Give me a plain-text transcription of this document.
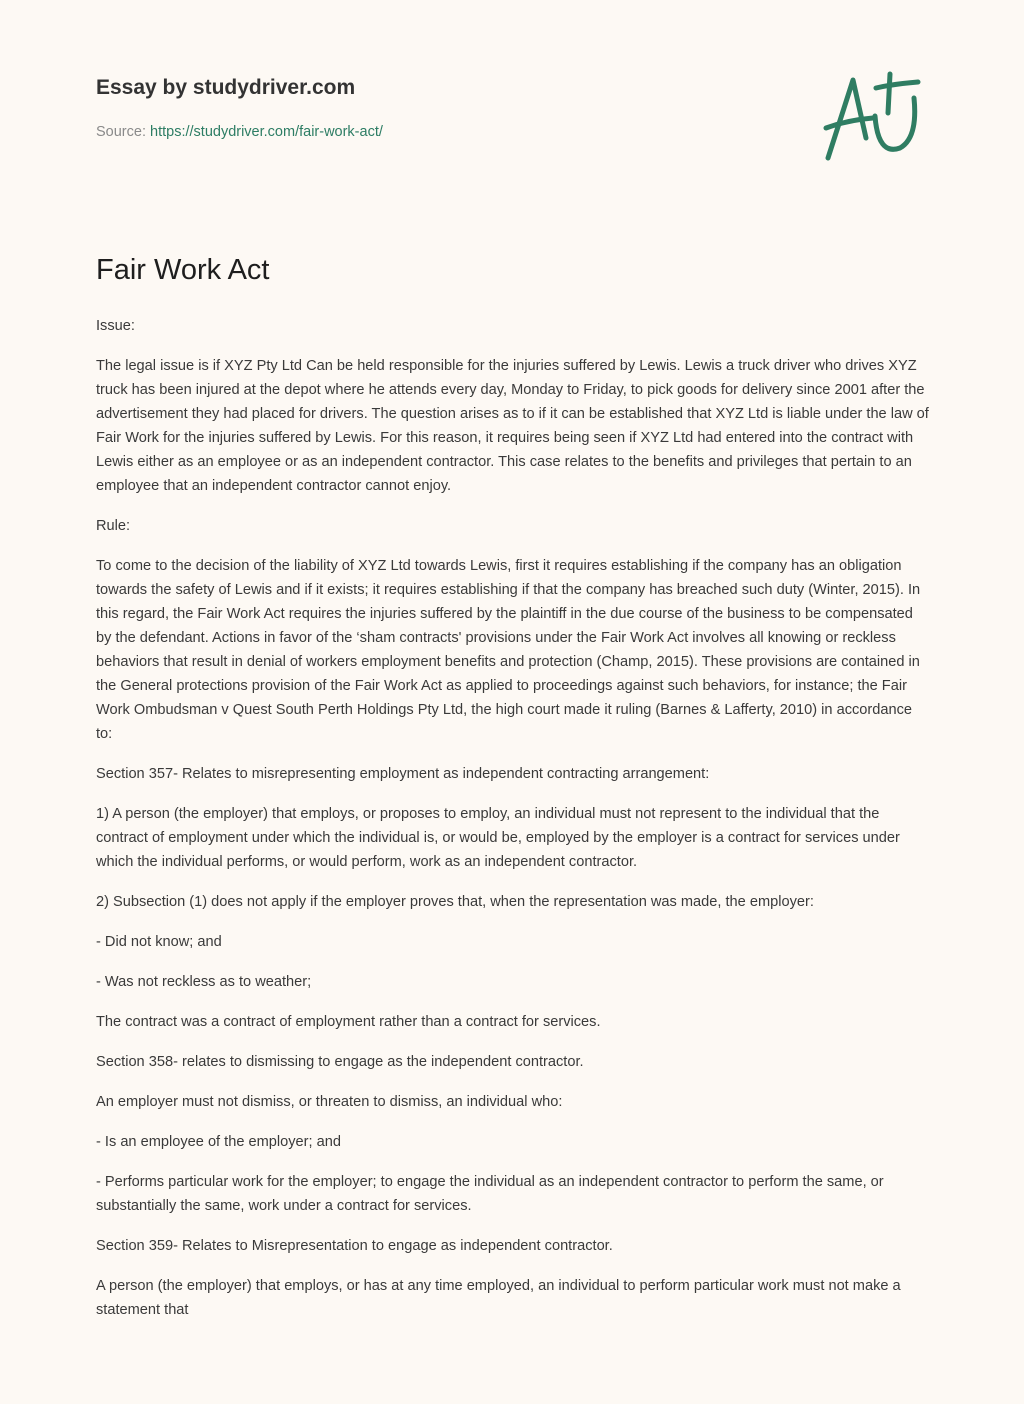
Essay by studydriver.com
Source: https://studydriver.com/fair-work-act/
Fair Work Act

Issue:

The legal issue is if XYZ Pty Ltd Can be held responsible for the injuries suffered by Lewis. Lewis a truck driver who drives XYZ truck has been injured at the depot where he attends every day, Monday to Friday, to pick goods for delivery since 2001 after the advertisement they had placed for drivers. The question arises as to if it can be established that XYZ Ltd is liable under the law of Fair Work for the injuries suffered by Lewis. For this reason, it requires being seen if XYZ Ltd had entered into the contract with Lewis either as an employee or as an independent contractor. This case relates to the benefits and privileges that pertain to an employee that an independent contractor cannot enjoy.

Rule:

To come to the decision of the liability of XYZ Ltd towards Lewis, first it requires establishing if the company has an obligation towards the safety of Lewis and if it exists; it requires establishing if that the company has breached such duty (Winter, 2015). In this regard, the Fair Work Act requires the injuries suffered by the plaintiff in the due course of the business to be compensated by the defendant. Actions in favor of the ‘sham contracts' provisions under the Fair Work Act involves all knowing or reckless behaviors that result in denial of workers employment benefits and protection (Champ, 2015). These provisions are contained in the General protections provision of the Fair Work Act as applied to proceedings against such behaviors, for instance; the Fair Work Ombudsman v Quest South Perth Holdings Pty Ltd, the high court made it ruling (Barnes & Lafferty, 2010) in accordance to:

Section 357- Relates to misrepresenting employment as independent contracting arrangement:

1) A person (the employer) that employs, or proposes to employ, an individual must not represent to the individual that the contract of employment under which the individual is, or would be, employed by the employer is a contract for services under which the individual performs, or would perform, work as an independent contractor.

2) Subsection (1) does not apply if the employer proves that, when the representation was made, the employer:

- Did not know; and

- Was not reckless as to weather;

The contract was a contract of employment rather than a contract for services.

Section 358- relates to dismissing to engage as the independent contractor.

An employer must not dismiss, or threaten to dismiss, an individual who:

- Is an employee of the employer; and

- Performs particular work for the employer; to engage the individual as an independent contractor to perform the same, or substantially the same, work under a contract for services.

Section 359- Relates to Misrepresentation to engage as independent contractor.

A person (the employer) that employs, or has at any time employed, an individual to perform particular work must not make a statement that
